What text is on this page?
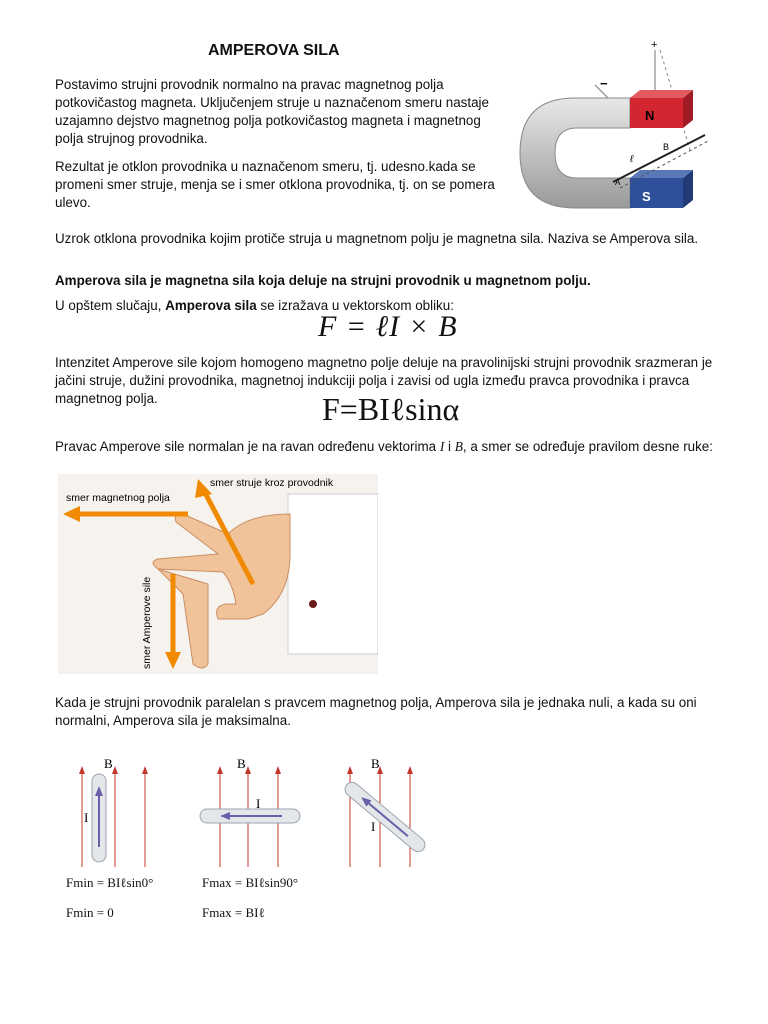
AMPEROVA SILA

Postavimo strujni provodnik normalno na pravac magnetnog polja potkovičastog magneta. Uključenjem struje u naznačenom smeru nastaje uzajamno dejstvo magnetnog polja potkovičastog magneta i magnetnog polja strujnog provodnika.

Rezultat je otklon provodnika u naznačenom smeru, tj. udesno.kada se promeni smer struje, menja se i smer otklona provodnika, tj. on se pomera ulevo.

+
−
N
S
A
B
ℓ

Uzrok otklona provodnika kojim protiče struja u magnetnom polju je magnetna sila. Naziva se Amperova sila.

Amperova sila je magnetna sila koja deluje na strujni provodnik u magnetnom polju.

U opštem slučaju, Amperova sila se izražava u vektorskom obliku:

F = ℓI × B

Intenzitet Amperove sile kojom homogeno magnetno polje deluje na pravolinijski strujni provodnik srazmeran je jačini struje, dužini provodnika, magnetnoj indukciji polja i zavisi od ugla između pravca provodnika i pravca magnetnog polja.	F=BIℓsinα

Pravac Amperove sile normalan je na ravan određenu vektorima I i B, a smer se određuje pravilom desne ruke:

smer magnetnog polja
smer struje kroz provodnik
smer Amperove sile

Kada je strujni provodnik paralelan s pravcem magnetnog polja, Amperova sila je jednaka nuli, a kada su oni normalni, Amperova sila je maksimalna.

B
I
B
I
B
I
Fmin = BIℓsin0°
Fmin = 0
Fmax = BIℓsin90°
Fmax = BIℓ
